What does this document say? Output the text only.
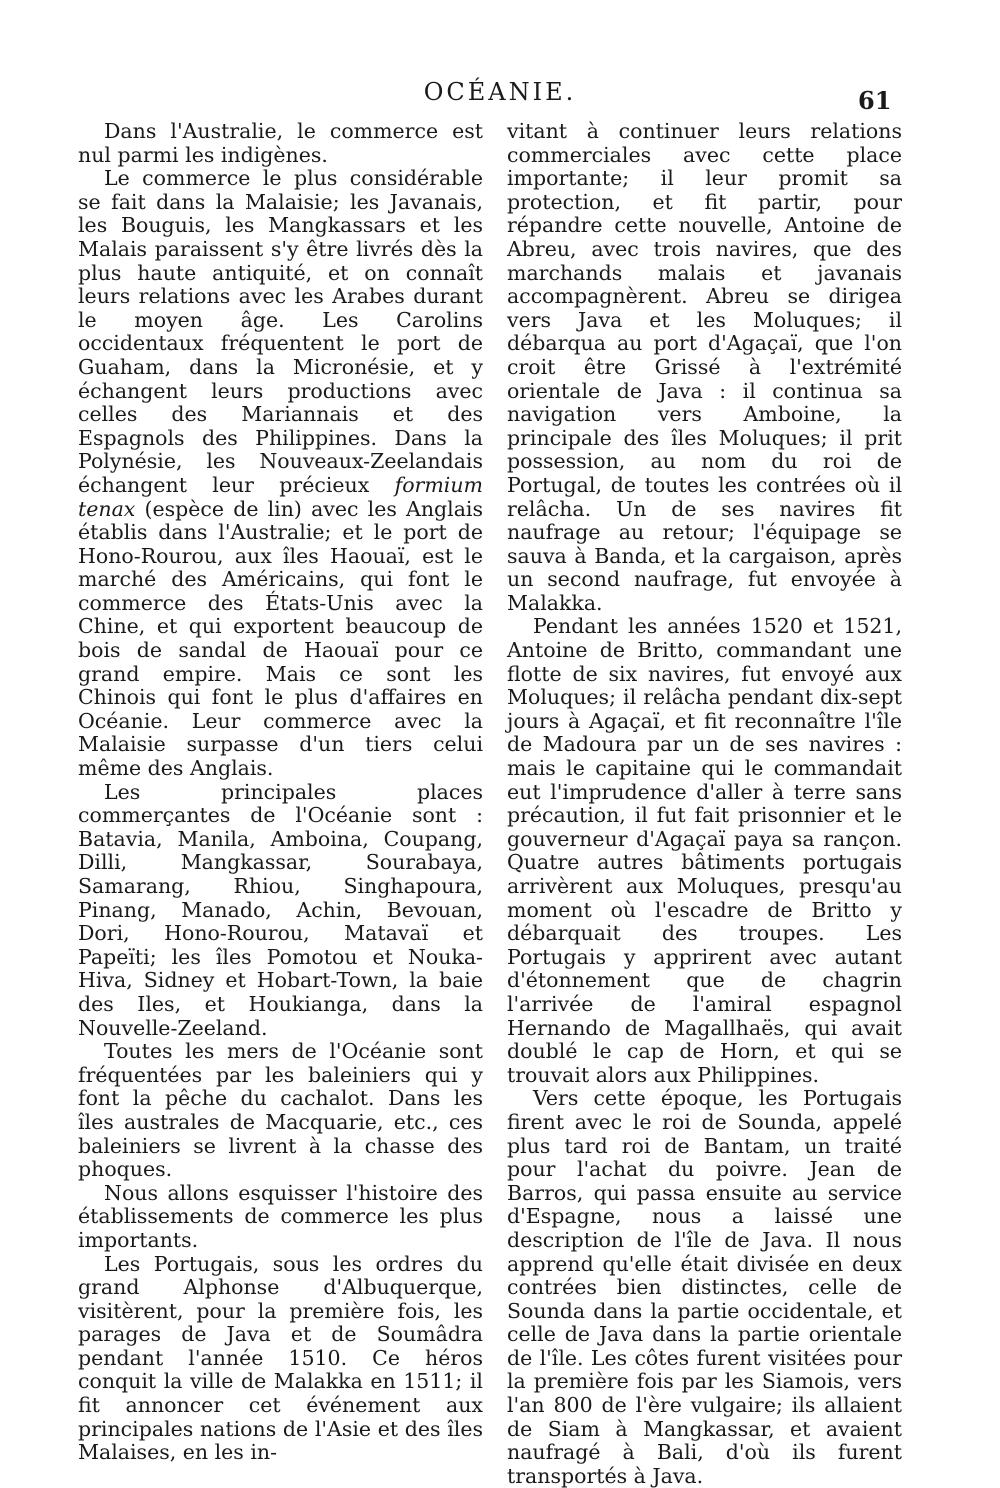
OCÉANIE.	61

Dans l'Australie, le commerce est nul parmi les indigènes.

Le commerce le plus considérable se fait dans la Malaisie; les Javanais, les Bouguis, les Mangkassars et les Malais paraissent s'y être livrés dès la plus haute antiquité, et on connaît leurs relations avec les Arabes durant le moyen âge. Les Carolins occidentaux fréquentent le port de Guaham, dans la Micronésie, et y échangent leurs productions avec celles des Mariannais et des Espagnols des Philippines. Dans la Polynésie, les Nouveaux-Zeelandais échangent leur précieux formium tenax (espèce de lin) avec les Anglais établis dans l'Australie; et le port de Hono-Rourou, aux îles Haouaï, est le marché des Américains, qui font le commerce des États-Unis avec la Chine, et qui exportent beaucoup de bois de sandal de Haouaï pour ce grand empire. Mais ce sont les Chinois qui font le plus d'affaires en Océanie. Leur commerce avec la Malaisie surpasse d'un tiers celui même des Anglais.

Les principales places commerçantes de l'Océanie sont : Batavia, Manila, Amboina, Coupang, Dilli, Mangkassar, Sourabaya, Samarang, Rhiou, Singhapoura, Pinang, Manado, Achin, Bevouan, Dori, Hono-Rourou, Matavaï et Papeïti; les îles Pomotou et Nouka-Hiva, Sidney et Hobart-Town, la baie des Iles, et Houkianga, dans la Nouvelle-Zeeland.

Toutes les mers de l'Océanie sont fréquentées par les baleiniers qui y font la pêche du cachalot. Dans les îles australes de Macquarie, etc., ces baleiniers se livrent à la chasse des phoques.

Nous allons esquisser l'histoire des établissements de commerce les plus importants.

Les Portugais, sous les ordres du grand Alphonse d'Albuquerque, visitèrent, pour la première fois, les parages de Java et de Soumâdra pendant l'année 1510. Ce héros conquit la ville de Malakka en 1511; il fit annoncer cet événement aux principales nations de l'Asie et des îles Malaises, en les in-

vitant à continuer leurs relations commerciales avec cette place importante; il leur promit sa protection, et fit partir, pour répandre cette nouvelle, Antoine de Abreu, avec trois navires, que des marchands malais et javanais accompagnèrent. Abreu se dirigea vers Java et les Moluques; il débarqua au port d'Agaçaï, que l'on croit être Grissé à l'extrémité orientale de Java : il continua sa navigation vers Amboine, la principale des îles Moluques; il prit possession, au nom du roi de Portugal, de toutes les contrées où il relâcha. Un de ses navires fit naufrage au retour; l'équipage se sauva à Banda, et la cargaison, après un second naufrage, fut envoyée à Malakka.

Pendant les années 1520 et 1521, Antoine de Britto, commandant une flotte de six navires, fut envoyé aux Moluques; il relâcha pendant dix-sept jours à Agaçaï, et fit reconnaître l'île de Madoura par un de ses navires : mais le capitaine qui le commandait eut l'imprudence d'aller à terre sans précaution, il fut fait prisonnier et le gouverneur d'Agaçaï paya sa rançon. Quatre autres bâtiments portugais arrivèrent aux Moluques, presqu'au moment où l'escadre de Britto y débarquait des troupes. Les Portugais y apprirent avec autant d'étonnement que de chagrin l'arrivée de l'amiral espagnol Hernando de Magallhaës, qui avait doublé le cap de Horn, et qui se trouvait alors aux Philippines.

Vers cette époque, les Portugais firent avec le roi de Sounda, appelé plus tard roi de Bantam, un traité pour l'achat du poivre. Jean de Barros, qui passa ensuite au service d'Espagne, nous a laissé une description de l'île de Java. Il nous apprend qu'elle était divisée en deux contrées bien distinctes, celle de Sounda dans la partie occidentale, et celle de Java dans la partie orientale de l'île. Les côtes furent visitées pour la première fois par les Siamois, vers l'an 800 de l'ère vulgaire; ils allaient de Siam à Mangkassar, et avaient naufragé à Bali, d'où ils furent transportés à Java.
